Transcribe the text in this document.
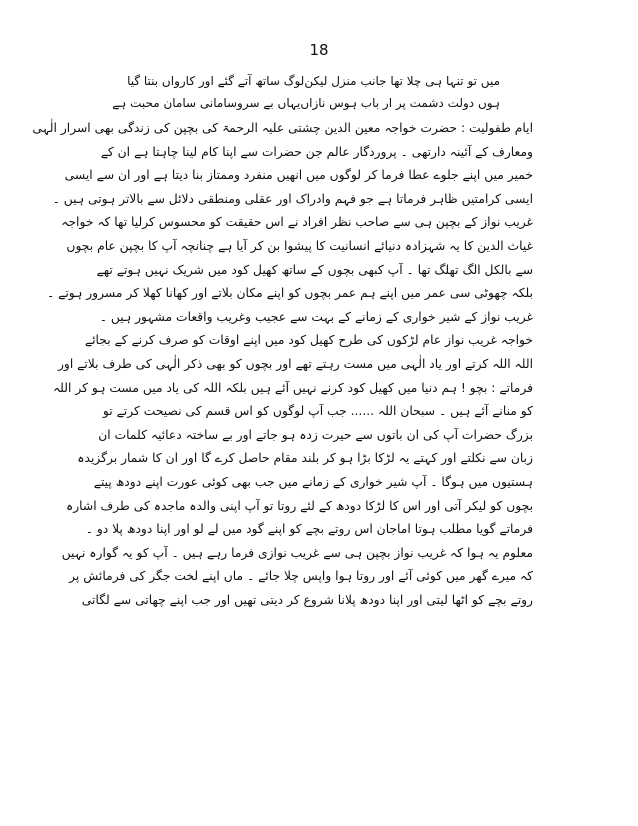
18
میں تو تنہا ہی چلا تھا جانب منزل لیکن
لوگ ساتھ آتے گئے اور کارواں بنتا گیا
ہوں دولت دشمت پر ار باب ہوس نازاں
یہاں بے سروسامانی سامان محبت ہے
ایام طفولیت : حضرت خواجہ معین الدین چشتی علیہ الرحمۃ کی بچپن کی زندگی بھی اسرار الٰہی
ومعارف کے آئینہ دارتھی ۔ پروردگار عالم جن حضرات سے اپنا کام لینا چاہتا ہے ان کے
خمیر میں اپنے جلوے عطا فرما کر لوگوں میں انھیں منفرد وممتاز بنا دیتا ہے اور ان سے ایسی
ایسی کرامتیں ظاہر فرماتا ہے جو فہم وادراک اور عقلی ومنطقی دلائل سے بالاتر ہوتی ہیں ۔
غریب نواز کے بچپن ہی سے صاحب نظر افراد نے اس حقیقت کو محسوس کرلیا تھا کہ خواجہ
غیاث الدین کا یہ شہزادہ دنیائے انسانیت کا پیشوا بن کر آیا ہے چنانچہ آپ کا بچپن عام بچوں
سے بالکل الگ تھلگ تھا ۔ آپ کبھی بچوں کے ساتھ کھیل کود میں شریک نہیں ہوتے تھے
بلکہ چھوٹی سی عمر میں اپنے ہم عمر بچوں کو اپنے مکان بلاتے اور کھانا کھلا کر مسرور ہوتے ۔
غریب نواز کے شیر خواری کے زمانے کے بہت سے عجیب وغریب واقعات مشہور ہیں ۔
خواجہ غریب نواز عام لڑکوں کی طرح کھیل کود میں اپنے اوقات کو صرف کرنے کے بجائے
اللہ اللہ کرتے اور یاد الٰہی میں مست رہتے تھے اور بچوں کو بھی ذکر الٰہی کی طرف بلاتے اور
فرماتے : بچو ! ہم دنیا میں کھیل کود کرنے نہیں آئے ہیں بلکہ اللہ کی یاد میں مست ہو کر اللہ
کو منانے آئے ہیں ۔ سبحان اللہ ...... جب آپ لوگوں کو اس قسم کی نصیحت کرتے تو
بزرگ حضرات آپ کی ان باتوں سے حیرت زدہ ہو جاتے اور بے ساختہ دعائیہ کلمات ان
زبان سے نکلتے اور کہتے یہ لڑکا بڑا ہو کر بلند مقام حاصل کرے گا اور ان کا شمار برگزیدہ
ہستیوں میں ہوگا ۔ آپ شیر خواری کے زمانے میں جب بھی کوئی عورت اپنے دودھ پیتے
بچوں کو لیکر آتی اور اس کا لڑکا دودھ کے لئے روتا تو آپ اپنی والدہ ماجدہ کی طرف اشارہ
فرماتے گویا مطلب ہوتا اماجان اس روتے بچے کو اپنے گود میں لے لو اور اپنا دودھ پلا دو ۔
معلوم یہ ہوا کہ غریب نواز بچپن ہی سے غریب نوازی فرما رہے ہیں ۔ آپ کو یہ گوارہ نہیں
کہ میرے گھر میں کوئی آئے اور روتا ہوا واپس چلا جائے ۔ ماں اپنے لخت جگر کی فرمائش پر
روتے بچے کو اٹھا لیتی اور اپنا دودھ پلانا شروع کر دیتی تھیں اور جب اپنے چھاتی سے لگاتی
